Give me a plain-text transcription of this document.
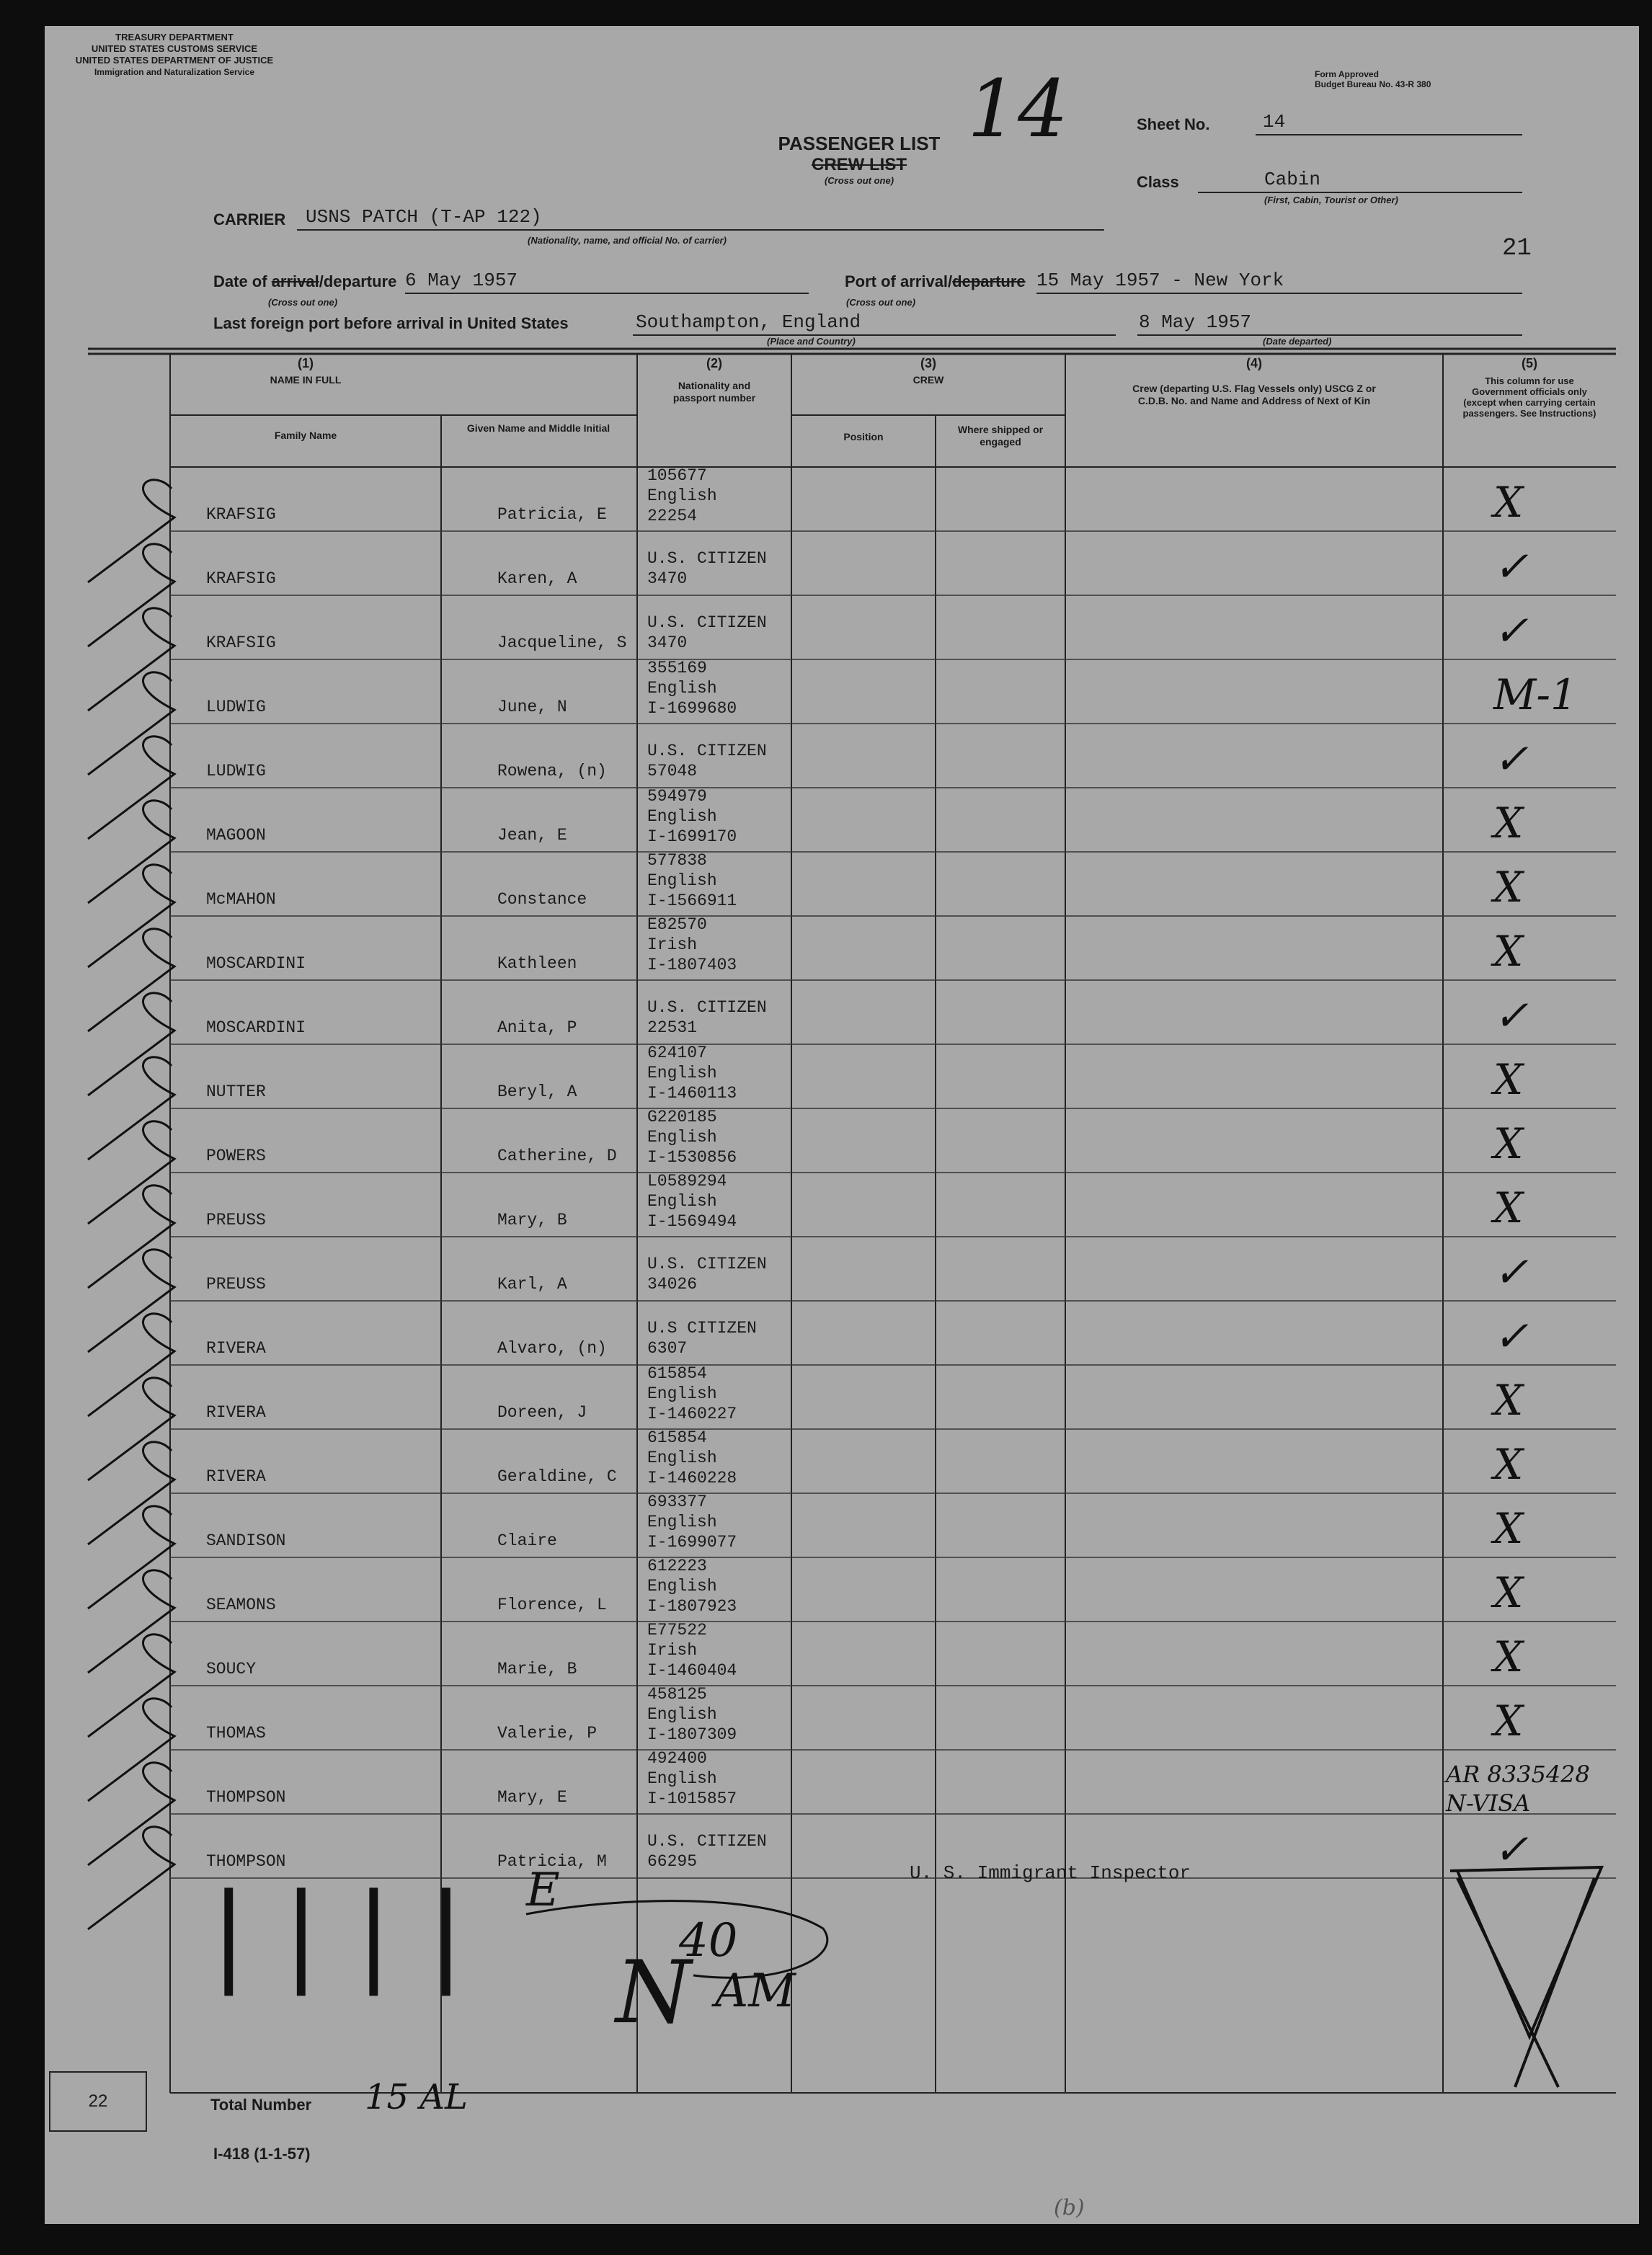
TREASURY DEPARTMENT
UNITED STATES CUSTOMS SERVICE
UNITED STATES DEPARTMENT OF JUSTICE
Immigration and Naturalization Service	Form Approved
Budget Bureau No. 43-R 380
14
PASSENGER LIST
CREW LIST
(Cross out one)
Sheet No.	14
Class	Cabin
(First, Cabin, Tourist or Other)
21
CARRIER USNS PATCH (T-AP 122)
(Nationality, name, and official No. of carrier)
Date of arrival/departure 6 May 1957
(Cross out one)
Port of arrival/departure 15 May 1957 - New York
(Cross out one)
Last foreign port before arrival in United States	Southampton, England
(Place and Country)
8 May 1957
(Date departed)
(1)
NAME IN FULL
Family Name
Given Name and Middle Initial
(2)
Nationality and passport number
(3)
CREW
Position
Where shipped or engaged
(4)
Crew (departing U.S. Flag Vessels only) USCG Z or C.D.B. No. and Name and Address of Next of Kin
(5)
This column for use Government officials only (except when carrying certain passengers. See Instructions)
KRAFSIG	Patricia, E
105677
English
22254	X
KRAFSIG	Karen, A
U.S. CITIZEN
3470	✓
KRAFSIG	Jacqueline, S
U.S. CITIZEN
3470	✓
LUDWIG	June, N
355169
English
I-1699680	M-1
LUDWIG	Rowena, (n)
U.S. CITIZEN
57048	✓
MAGOON	Jean, E
594979
English
I-1699170	X
McMAHON	Constance
577838
English
I-1566911	X
MOSCARDINI	Kathleen
E82570
Irish
I-1807403	X
MOSCARDINI	Anita, P
U.S. CITIZEN
22531	✓
NUTTER	Beryl, A
624107
English
I-1460113	X
POWERS	Catherine, D
G220185
English
I-1530856	X
PREUSS	Mary, B
L0589294
English
I-1569494	X
PREUSS	Karl, A
U.S. CITIZEN
34026	✓
RIVERA	Alvaro, (n)
U.S CITIZEN
6307	✓
RIVERA	Doreen, J
615854
English
I-1460227	X
RIVERA	Geraldine, C
615854
English
I-1460228	X
SANDISON	Claire
693377
English
I-1699077	X
SEAMONS	Florence, L
612223
English
I-1807923	X
SOUCY	Marie, B
E77522
Irish
I-1460404	X
THOMAS	Valerie, P
458125
English
I-1807309	X
THOMPSON	Mary, E
492400
English
I-1015857
AR 8335428 N-VISA
THOMPSON	Patricia, M
U.S. CITIZEN
66295	✓
U. S. Immigrant Inspector
|||| E
N
40
AM
22	Total Number 15 AL
I-418 (1-1-57)
(b)
